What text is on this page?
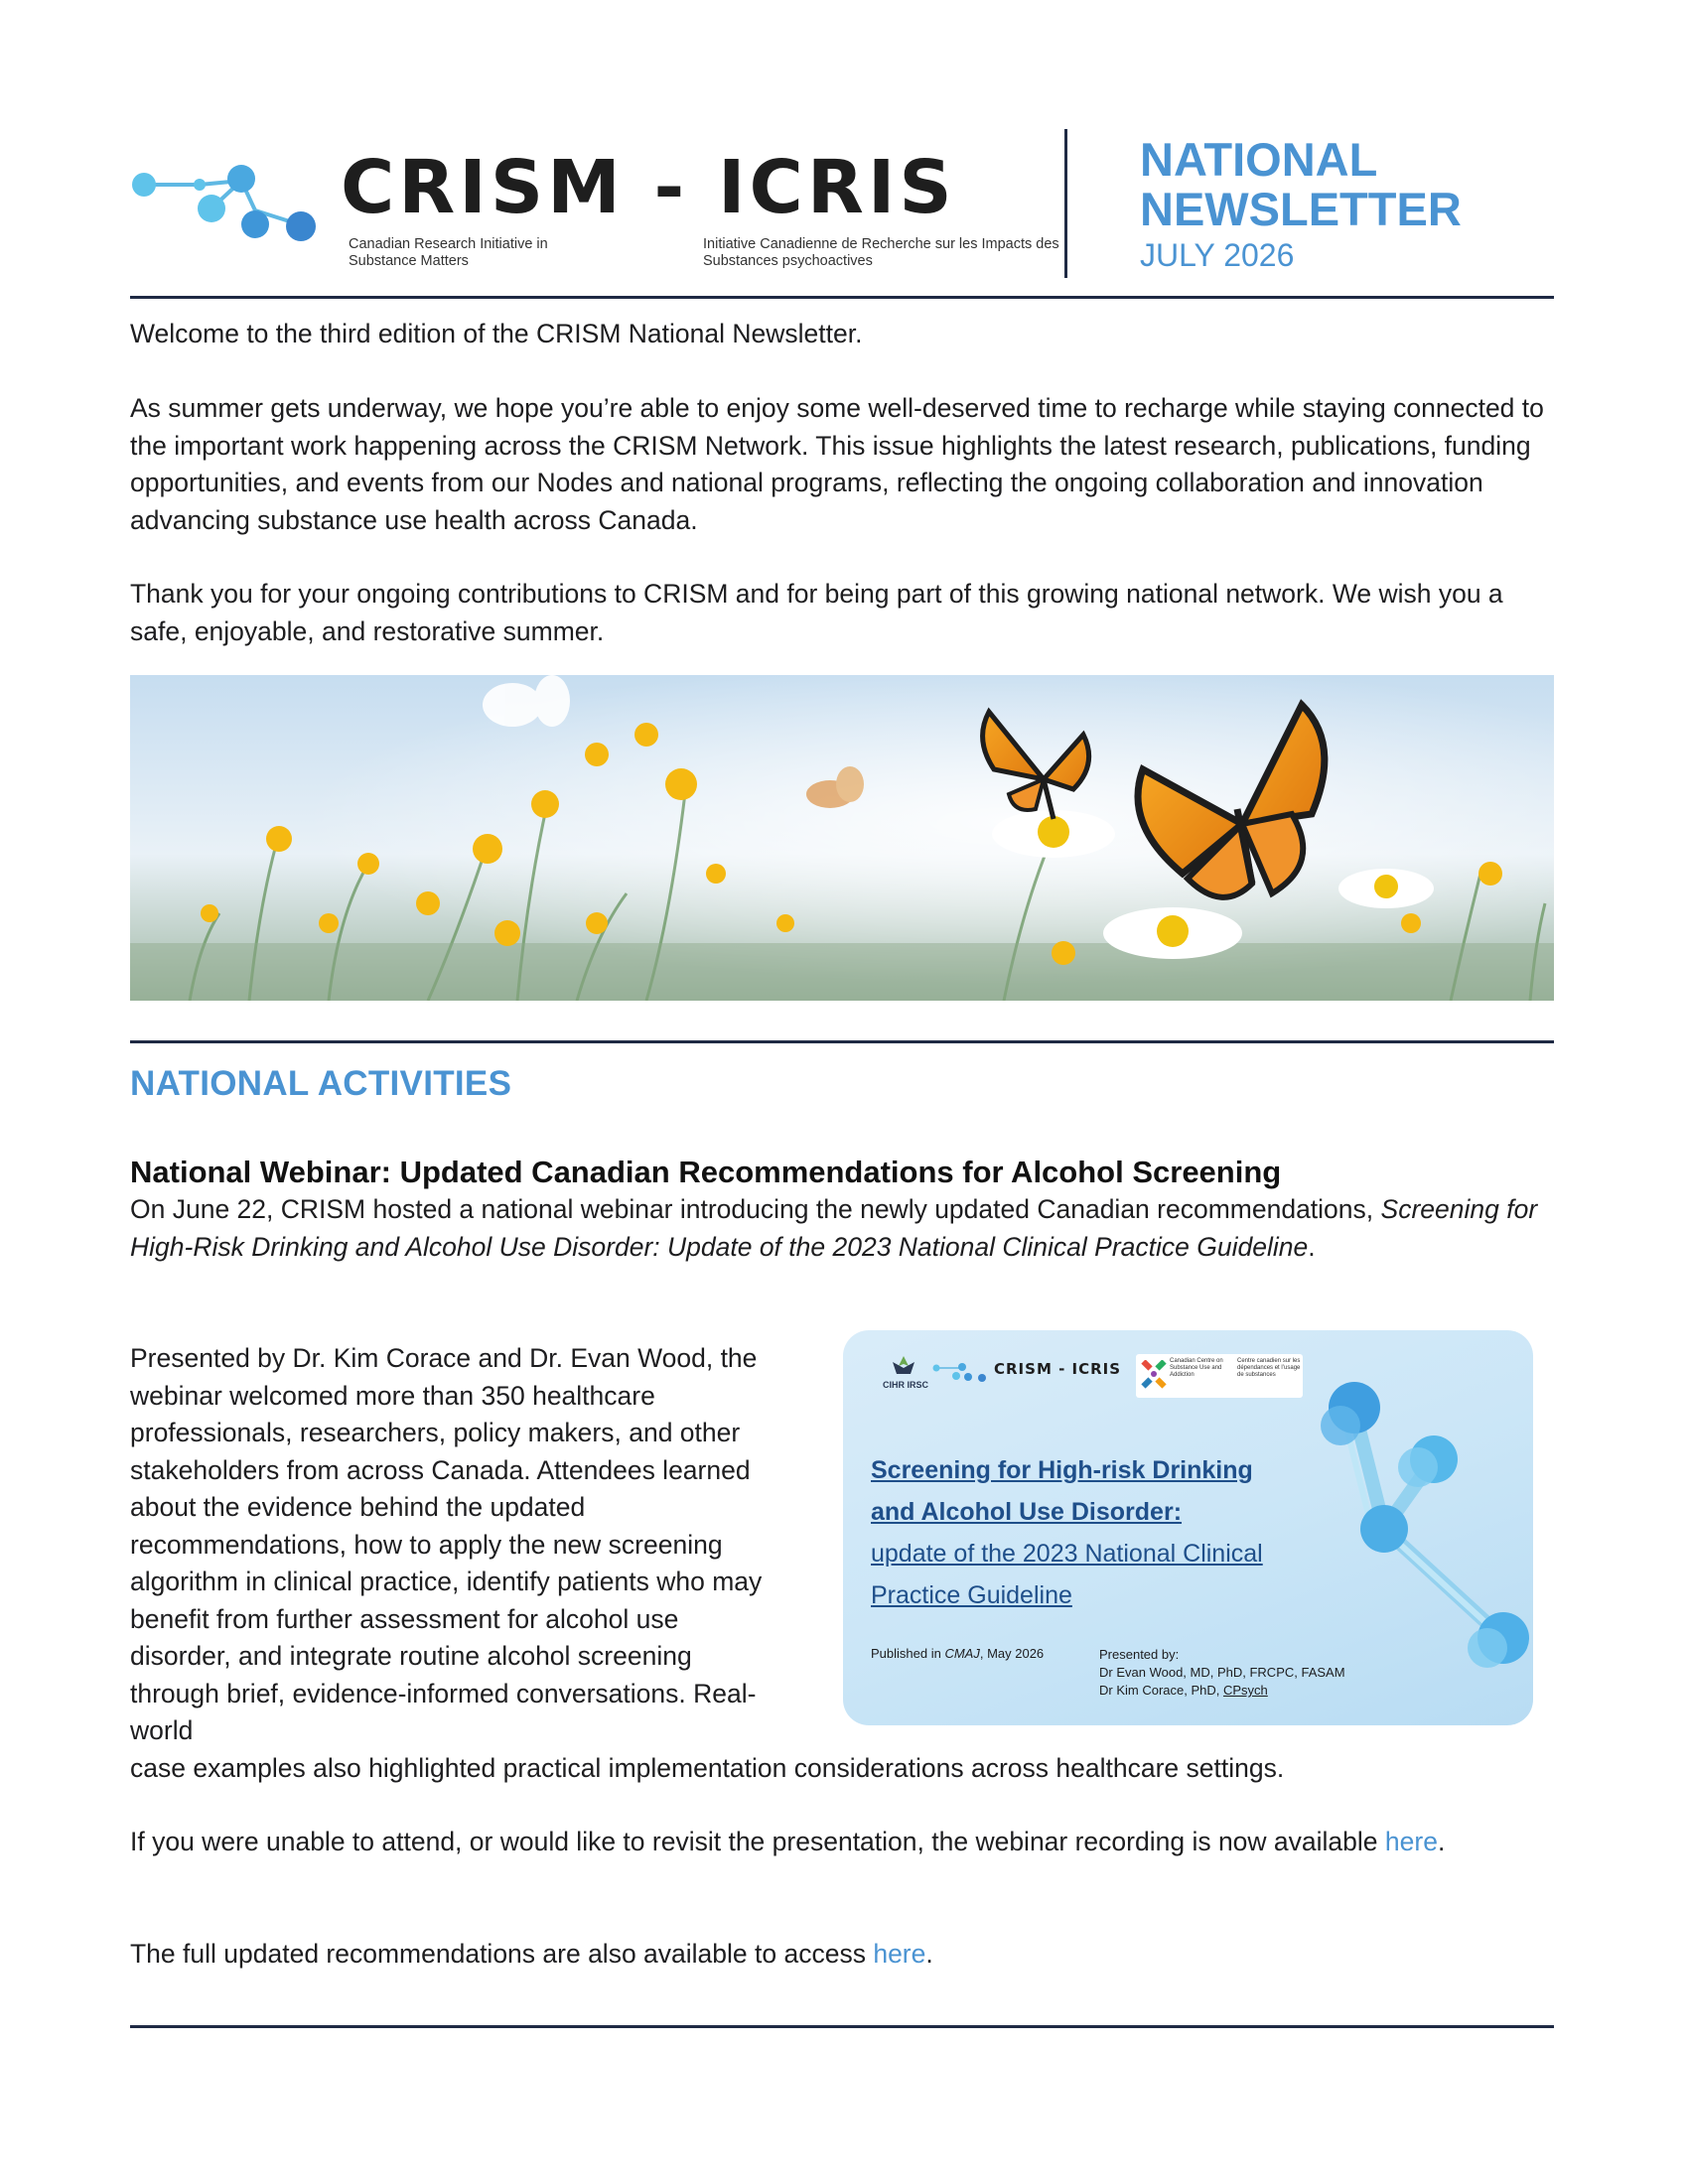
CRISM - ICRIS
Canadian Research Initiative in Substance Matters
Initiative Canadienne de Recherche sur les Impacts des Substances psychoactives
NATIONAL
NEWSLETTER
JULY 2026
Welcome to the third edition of the CRISM National Newsletter.
As summer gets underway, we hope you’re able to enjoy some well-deserved time to recharge while staying connected to the important work happening across the CRISM Network. This issue highlights the latest research, publications, funding opportunities, and events from our Nodes and national programs, reflecting the ongoing collaboration and innovation advancing substance use health across Canada.
Thank you for your ongoing contributions to CRISM and for being part of this growing national network. We wish you a safe, enjoyable, and restorative summer.
NATIONAL ACTIVITIES
National Webinar: Updated Canadian Recommendations for Alcohol Screening
On June 22, CRISM hosted a national webinar introducing the newly updated Canadian recommendations, Screening for High-Risk Drinking and Alcohol Use Disorder: Update of the 2023 National Clinical Practice Guideline.
Presented by Dr. Kim Corace and Dr. Evan Wood, the webinar welcomed more than 350 healthcare professionals, researchers, policy makers, and other stakeholders from across Canada. Attendees learned about the evidence behind the updated recommendations, how to apply the new screening algorithm in clinical practice, identify patients who may benefit from further assessment for alcohol use disorder, and integrate routine alcohol screening through brief, evidence-informed conversations. Real-world
case examples also highlighted practical implementation considerations across healthcare settings.
CIHR IRSC
CRISM - ICRIS	Canadian Centre on Substance Use and Addiction
Centre canadien sur les dépendances et l’usage de substances
Screening for High-risk Drinking
and Alcohol Use Disorder:
update of the 2023 National Clinical
Practice Guideline
Published in CMAJ, May 2026	Presented by:
Dr Evan Wood, MD, PhD, FRCPC, FASAM
Dr Kim Corace, PhD, CPsych
If you were unable to attend, or would like to revisit the presentation, the webinar recording is now available here.
The full updated recommendations are also available to access here.
